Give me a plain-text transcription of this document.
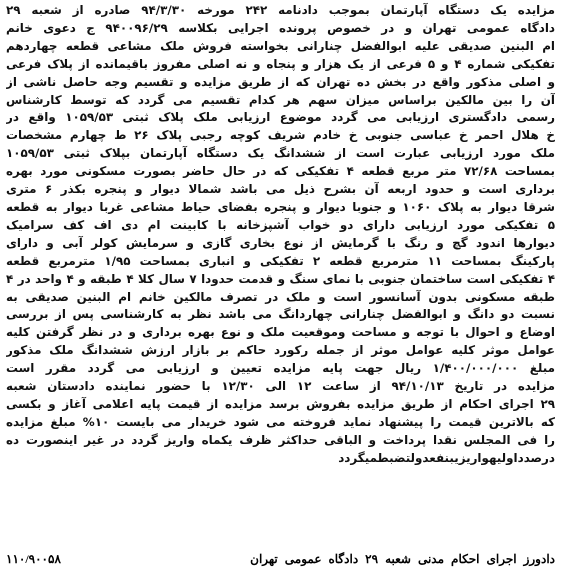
مزایده یک دستگاه آپارتمان بموجب دادنامه ۲۴۲ مورخه ۹۴/۳/۳۰ صادره از شعبه ۲۹
دادگاه عمومی تهران و در خصوص پرونده اجرایی بکلاسه ۹۴۰۰۹۶/۲۹ ج دعوی خانم
ام البنین صدیقی علیه ابوالفضل چنارانی بخواسته فروش ملک مشاعی قطعه چهاردهم
تفکیکی شماره ۴ و ۵ فرعی از یک هزار و پنجاه و نه اصلی مفروز باقیمانده از پلاک فرعی
و اصلی مذکور واقع در بخش ده تهران که از طریق مزایده و تقسیم وجه حاصل ناشی از
آن را بین مالکین براساس میزان سهم هر کدام تقسیم می گردد که توسط کارشناس
رسمی دادگستری ارزیابی می گردد موضوع ارزیابی ملک پلاک ثبتی ۱۰۵۹/۵۳ واقع در
خ هلال احمر خ عباسی جنوبی خ خادم شریف کوچه رجبی پلاک ۲۶ ط چهارم مشخصات
ملک مورد ارزیابی عبارت است از ششدانگ یک دستگاه آپارتمان بپلاک ثبتی ۱۰۵۹/۵۳
بمساحت ۷۲/۶۸ متر مربع قطعه ۴ تفکیکی که در حال حاضر بصورت مسکونی مورد بهره
برداری است و حدود اربعه آن بشرح ذیل می باشد شمالا دیوار و پنجره بکذر ۶ متری
شرقا دیوار به پلاک ۱۰۶۰ و جنوبا دیوار و پنجره بفضای حیاط مشاعی غربا دیوار به قطعه
۵ تفکیکی مورد ارزیابی دارای دو خواب آشپزخانه با کابینت ام دی اف کف سرامیک
دیوارها اندود گچ و رنگ با گرمایش از نوع بخاری گازی و سرمایش کولر آبی و دارای
پارکینگ بمساحت ۱۱ مترمربع قطعه ۲ تفکیکی و انباری بمساحت ۱/۹۵ مترمربع قطعه
۴ تفکیکی است ساختمان جنوبی با نمای سنگ و قدمت حدودا ۷ سال کلا ۴ طبقه و ۴ واحد در ۴
طبقه مسکونی بدون آسانسور است و ملک در تصرف مالکین خانم ام البنین صدیقی به
نسبت دو دانگ و ابوالفضل چنارانی چهاردانگ می باشد نظر به کارشناسی پس از بررسی
اوضاع و احوال با توجه و مساحت وموقعیت ملک و نوع بهره برداری و در نظر گرفتن کلیه
عوامل موثر کلیه عوامل موثر از جمله رکورد حاکم بر بازار ارزش ششدانگ ملک مذکور
مبلغ ۱/۴۰۰/۰۰۰/۰۰۰ ریال جهت پایه مزایده تعیین و ارزیابی می گردد مقرر است
مزایده در تاریخ ۹۴/۱۰/۱۳ از ساعت ۱۲ الی ۱۲/۳۰ با حضور نماینده دادستان شعبه
۲۹ اجرای احکام از طریق مزایده بفروش برسد مزایده از قیمت پایه اعلامی آغاز و بکسی
که بالاترین قیمت را پیشنهاد نماید فروخته می شود خریدار می بایست ۱۰% مبلغ مزایده
را فی المجلس نقدا پرداخت و الباقی حداکثر ظرف یکماه واریز گردد در غیر اینصورت ده
درصدداولیهواریزیبنفعدولتضبطمیگردد
دادورز اجرای احکام مدنی شعبه ۲۹ دادگاه عمومی تهران
۱۱۰/۹۰۰۵۸
